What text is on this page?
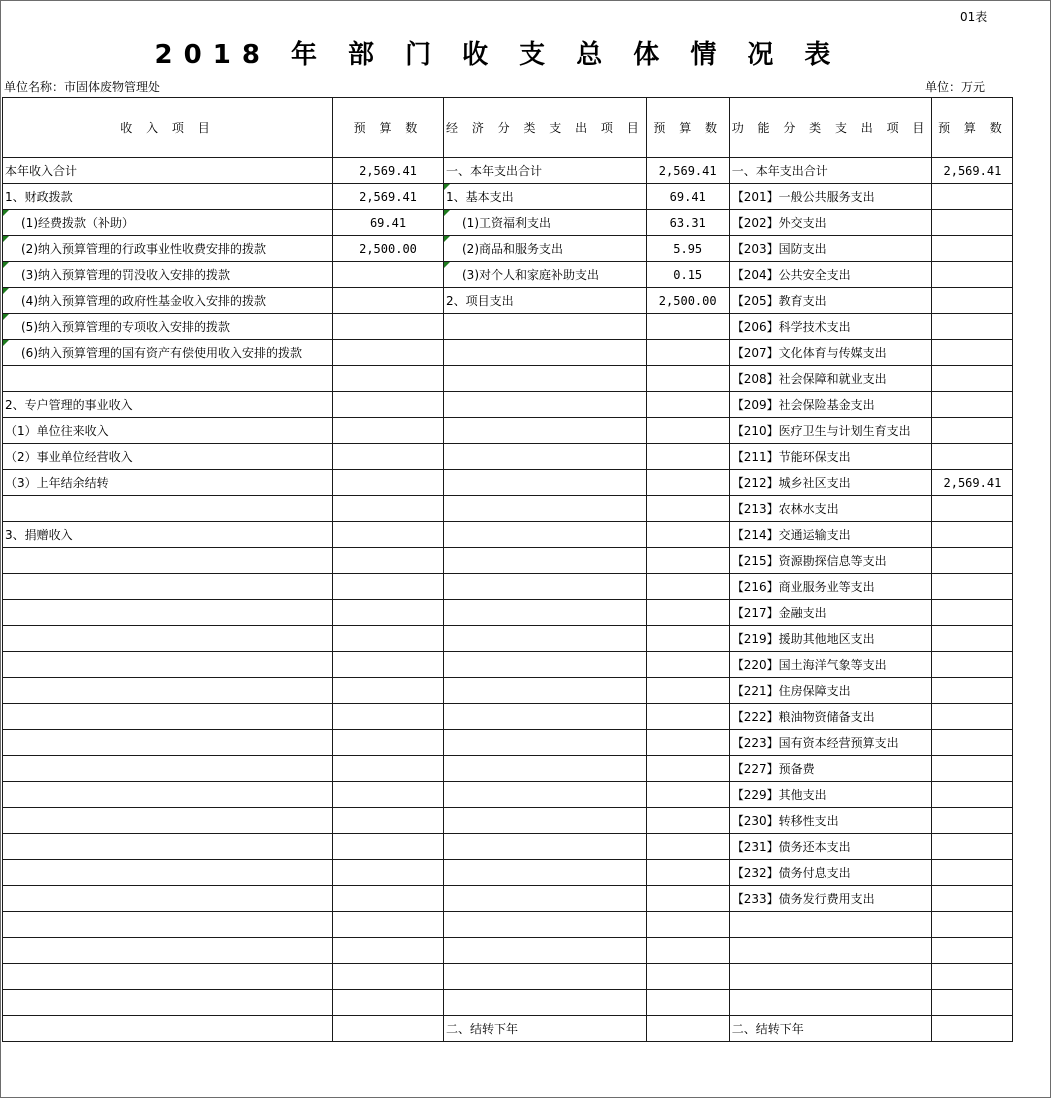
01表
2018 年 部 门 收 支 总 体 情 况 表
单位名称：市固体废物管理处	单位：万元
收 入 项 目	预 算 数	经 济 分 类 支 出 项 目	预 算 数	功 能 分 类 支 出 项 目	预 算 数
本年收入合计	2,569.41	一、本年支出合计	2,569.41	一、本年支出合计	2,569.41
1、财政拨款	2,569.41	1、基本支出	69.41	【201】一般公共服务支出	
(1)经费拨款（补助）	69.41	(1)工资福利支出	63.31	【202】外交支出	
(2)纳入预算管理的行政事业性收费安排的拨款	2,500.00	(2)商品和服务支出	5.95	【203】国防支出	
(3)纳入预算管理的罚没收入安排的拨款		(3)对个人和家庭补助支出	0.15	【204】公共安全支出	
(4)纳入预算管理的政府性基金收入安排的拨款		2、项目支出	2,500.00	【205】教育支出	
(5)纳入预算管理的专项收入安排的拨款				【206】科学技术支出	
(6)纳入预算管理的国有资产有偿使用收入安排的拨款				【207】文化体育与传媒支出	
				【208】社会保障和就业支出	
2、专户管理的事业收入				【209】社会保险基金支出	
（1）单位往来收入				【210】医疗卫生与计划生育支出	
（2）事业单位经营收入				【211】节能环保支出	
（3）上年结余结转				【212】城乡社区支出	2,569.41
				【213】农林水支出	
3、捐赠收入				【214】交通运输支出	
				【215】资源勘探信息等支出	
				【216】商业服务业等支出	
				【217】金融支出	
				【219】援助其他地区支出	
				【220】国土海洋气象等支出	
				【221】住房保障支出	
				【222】粮油物资储备支出	
				【223】国有资本经营预算支出	
				【227】预备费	
				【229】其他支出	
				【230】转移性支出	
				【231】债务还本支出	
				【232】债务付息支出	
				【233】债务发行费用支出	

		二、结转下年		二、结转下年	
